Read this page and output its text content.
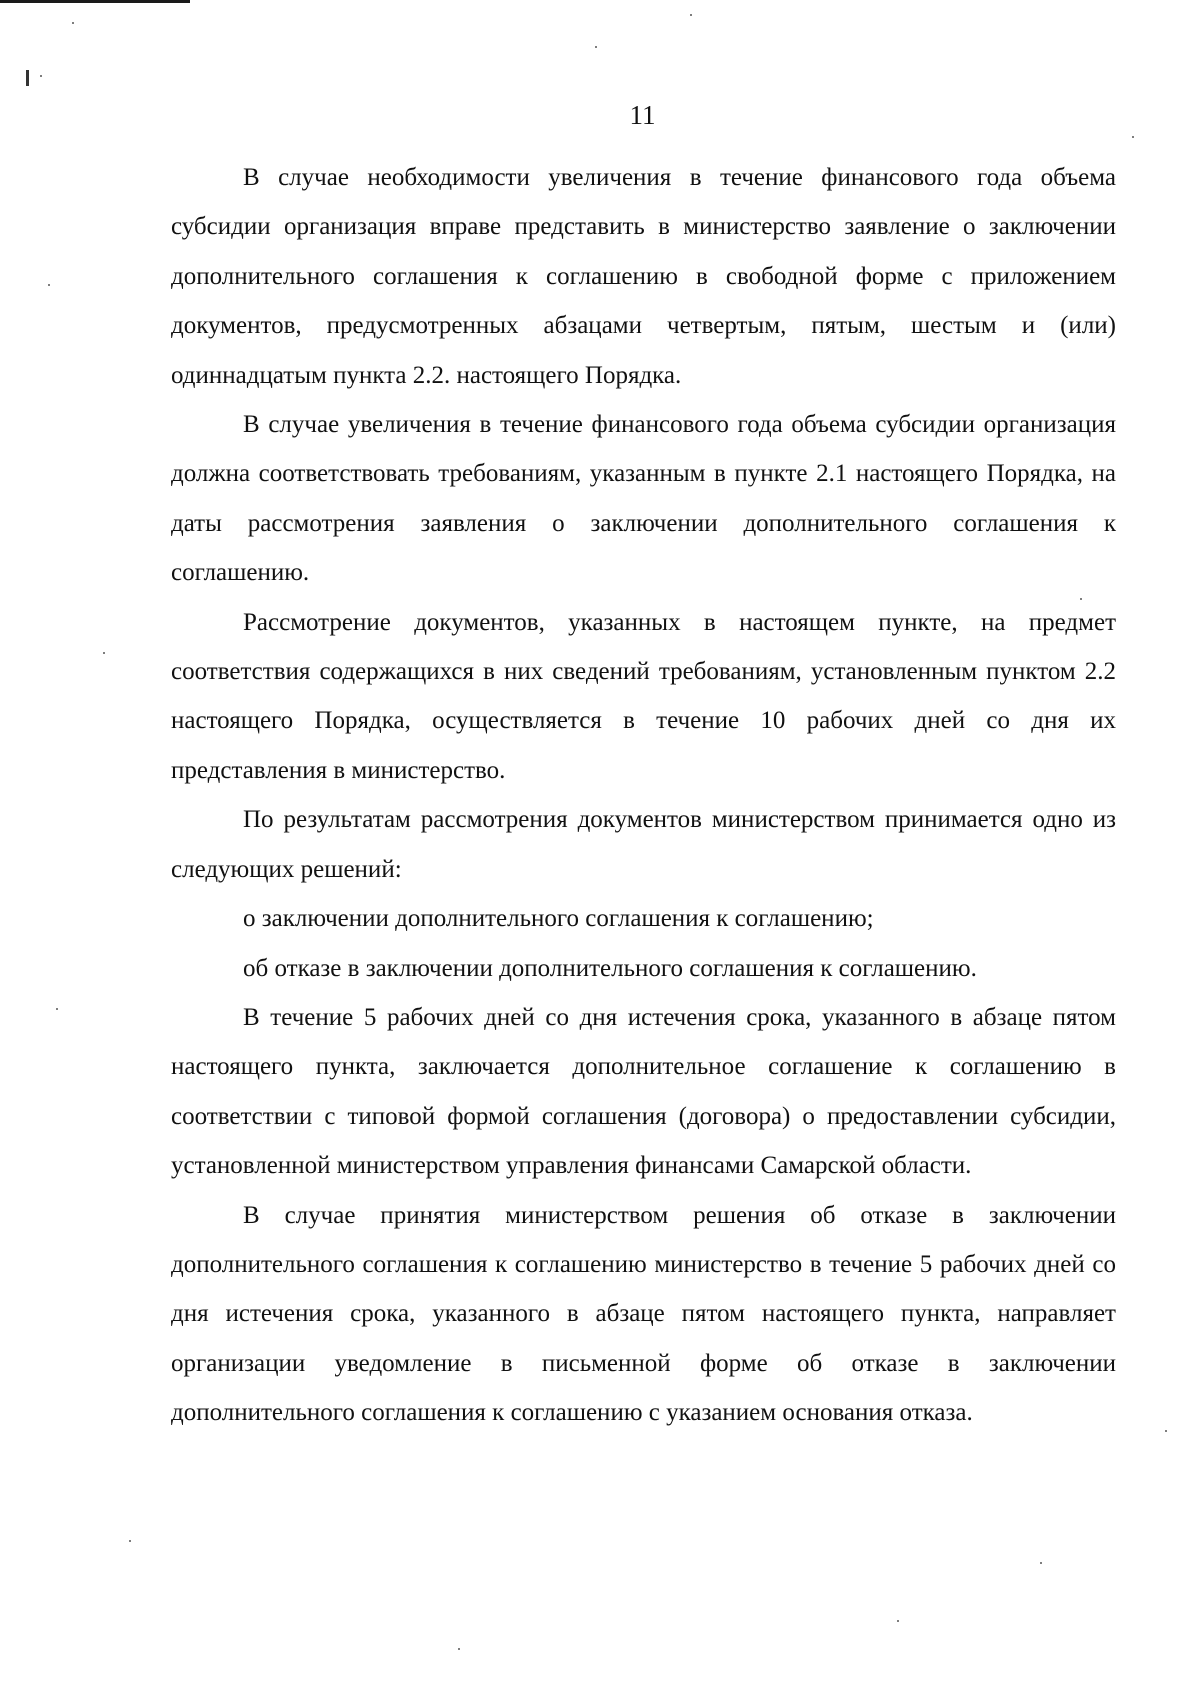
11

В случае необходимости увеличения в течение финансового года объема субсидии организация вправе представить в министерство заявление о заключении дополнительного соглашения к соглашению в свободной форме с приложением документов, предусмотренных абзацами четвертым, пятым, шестым и (или) одиннадцатым пункта 2.2. настоящего Порядка.

В случае увеличения в течение финансового года объема субсидии организация должна соответствовать требованиям, указанным в пункте 2.1 настоящего Порядка, на даты рассмотрения заявления о заключении дополнительного соглашения к соглашению.

Рассмотрение документов, указанных в настоящем пункте, на предмет соответствия содержащихся в них сведений требованиям, установленным пунктом 2.2 настоящего Порядка, осуществляется в течение 10 рабочих дней со дня их представления в министерство.

По результатам рассмотрения документов министерством принимается одно из следующих решений:

о заключении дополнительного соглашения к соглашению;

об отказе в заключении дополнительного соглашения к соглашению.

В течение 5 рабочих дней со дня истечения срока, указанного в абзаце пятом настоящего пункта, заключается дополнительное соглашение к соглашению в соответствии с типовой формой соглашения (договора) о предоставлении субсидии, установленной министерством управления финансами Самарской области.

В случае принятия министерством решения об отказе в заключении дополнительного соглашения к соглашению министерство в течение 5 рабочих дней со дня истечения срока, указанного в абзаце пятом настоящего пункта, направляет организации уведомление в письменной форме об отказе в заключении дополнительного соглашения к соглашению с указанием основания отказа.
